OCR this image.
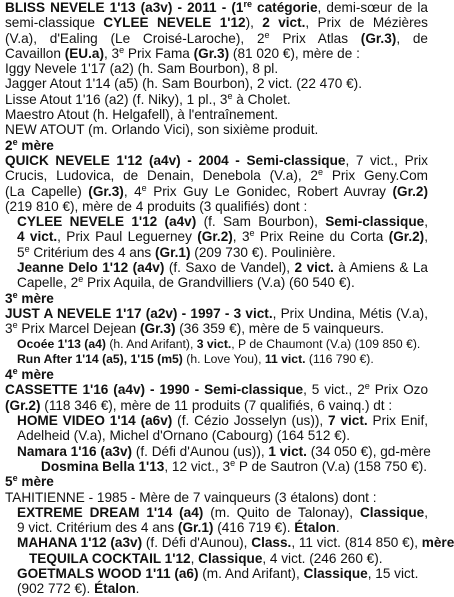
BLISS NEVELE 1'13 (a3v) - 2011 - (1re catégorie, demi-sœur de la
semi-classique CYLEE NEVELE 1'12), 2 vict., Prix de Mézières
(V.a), d'Ealing (Le Croisé-Laroche), 2e Prix Atlas (Gr.3), de
Cavaillon (EU.a), 3e Prix Fama (Gr.3) (81 020 €), mère de :
Iggy Nevele 1'17 (a2) (h. Sam Bourbon), 8 pl.
Jagger Atout 1'14 (a5) (h. Sam Bourbon), 2 vict. (22 470 €).
Lisse Atout 1'16 (a2) (f. Niky), 1 pl., 3e à Cholet.
Maestro Atout (h. Helgafell), à l'entraînement.
NEW ATOUT (m. Orlando Vici), son sixième produit.
2e mère
QUICK NEVELE 1'12 (a4v) - 2004 - Semi-classique, 7 vict., Prix
Crucis, Ludovica, de Denain, Denebola (V.a), 2e Prix Geny.Com
(La Capelle) (Gr.3), 4e Prix Guy Le Gonidec, Robert Auvray (Gr.2)
(219 810 €), mère de 4 produits (3 qualifiés) dont :
CYLEE NEVELE 1'12 (a4v) (f. Sam Bourbon), Semi-classique,
4 vict., Prix Paul Leguerney (Gr.2), 3e Prix Reine du Corta (Gr.2),
5e Critérium des 4 ans (Gr.1) (209 730 €). Poulinière.
Jeanne Delo 1'12 (a4v) (f. Saxo de Vandel), 2 vict. à Amiens & La
Capelle, 2e Prix Aquila, de Grandvilliers (V.a) (60 540 €).
3e mère
JUST A NEVELE 1'17 (a2v) - 1997 - 3 vict., Prix Undina, Métis (V.a),
3e Prix Marcel Dejean (Gr.3) (36 359 €), mère de 5 vainqueurs.
Ocoée 1'13 (a4) (h. And Arifant), 3 vict., P de Chaumont (V.a) (109 850 €).
Run After 1'14 (a5), 1'15 (m5) (h. Love You), 11 vict. (116 790 €).
4e mère
CASSETTE 1'16 (a4v) - 1990 - Semi-classique, 5 vict., 2e Prix Ozo
(Gr.2) (118 346 €), mère de 11 produits (7 qualifiés, 6 vainq.) dt :
HOME VIDEO 1'14 (a6v) (f. Cézio Josselyn (us)), 7 vict. Prix Enif,
Adelheid (V.a), Michel d'Ornano (Cabourg) (164 512 €).
Namara 1'16 (a3v) (f. Défi d'Aunou (us)), 1 vict. (34 050 €), gd-mère
Dosmina Bella 1'13, 12 vict., 3e P de Sautron (V.a) (158 750 €).
5e mère
TAHITIENNE - 1985 - Mère de 7 vainqueurs (3 étalons) dont :
EXTREME DREAM 1'14 (a4) (m. Quito de Talonay), Classique,
9 vict. Critérium des 4 ans (Gr.1) (416 719 €). Étalon.
MAHANA 1'12 (a3v) (f. Défi d'Aunou), Class., 11 vict. (814 850 €), mère
TEQUILA COCKTAIL 1'12, Classique, 4 vict. (246 260 €).
GOETMALS WOOD 1'11 (a6) (m. And Arifant), Classique, 15 vict.
(902 772 €). Étalon.
